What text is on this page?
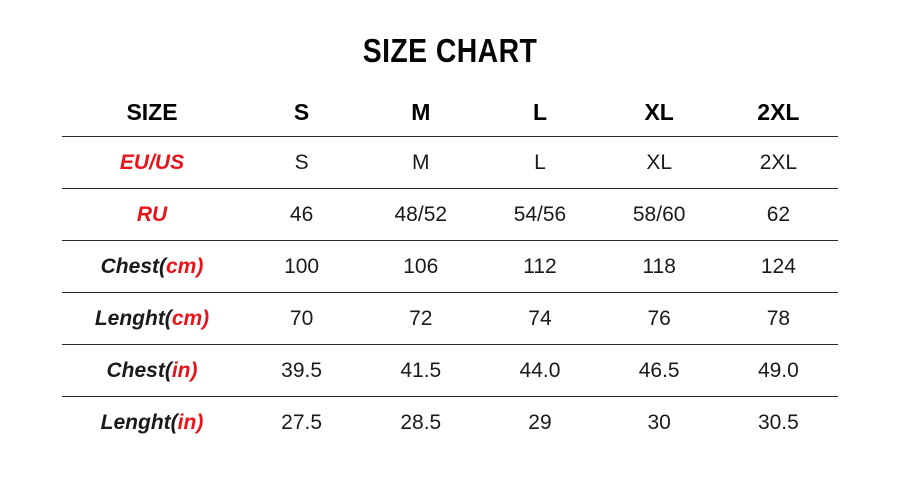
SIZE CHART
SIZE	S	M	L	XL	2XL
EU/US	S	M	L	XL	2XL
RU	46	48/52	54/56	58/60	62
Chest(cm)	100	106	112	118	124
Lenght(cm)	70	72	74	76	78
Chest(in)	39.5	41.5	44.0	46.5	49.0
Lenght(in)	27.5	28.5	29	30	30.5
